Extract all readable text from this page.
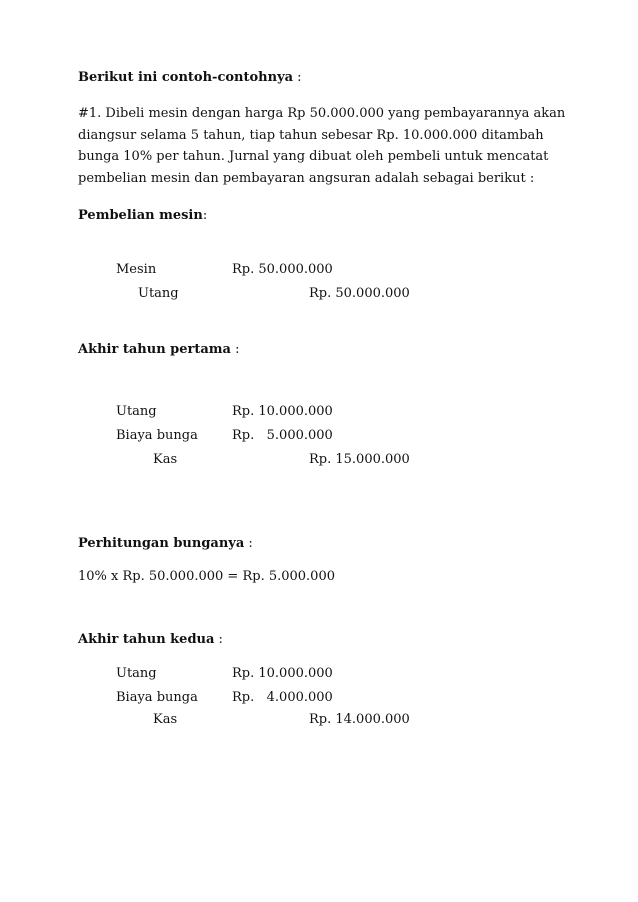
Berikut ini contoh-contohnya :
#1. Dibeli mesin dengan harga Rp 50.000.000 yang pembayarannya akan diangsur selama 5 tahun, tiap tahun sebesar Rp. 10.000.000 ditambah bunga 10% per tahun. Jurnal yang dibuat oleh pembeli untuk mencatat pembelian mesin dan pembayaran angsuran adalah sebagai berikut :
Pembelian mesin:
Mesin	Rp. 50.000.000
Utang	Rp. 50.000.000
Akhir tahun pertama :
Utang	Rp. 10.000.000
Biaya bunga	Rp.   5.000.000
Kas	Rp. 15.000.000
Perhitungan bunganya :
10% x Rp. 50.000.000 = Rp. 5.000.000
Akhir tahun kedua :
Utang	Rp. 10.000.000
Biaya bunga	Rp.   4.000.000
Kas	Rp. 14.000.000
